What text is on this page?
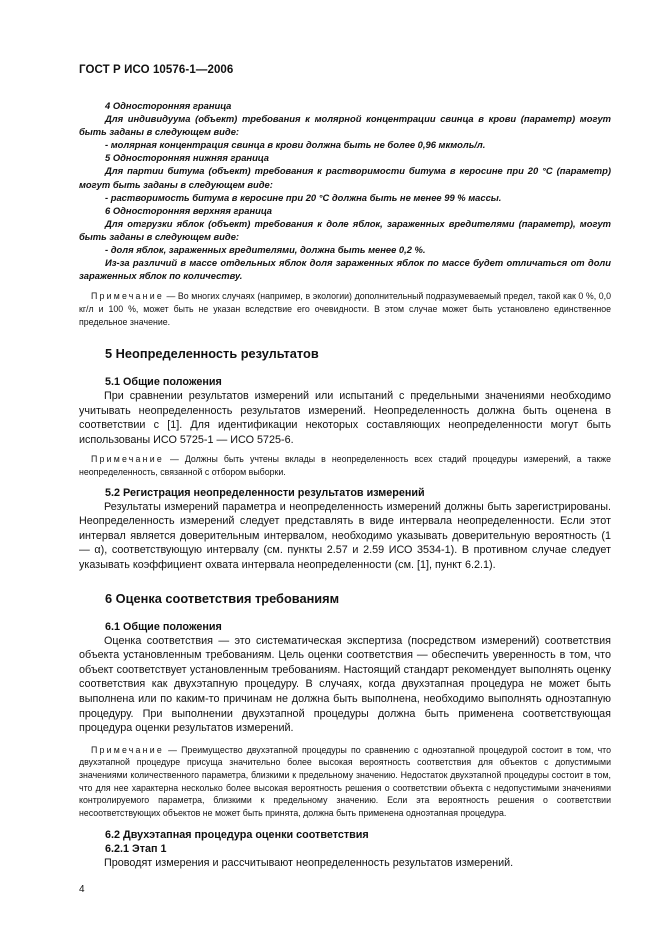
ГОСТ Р ИСО 10576-1—2006

4 Односторонняя граница

Для индивидуума (объект) требования к молярной концентрации свинца в крови (параметр) могут быть заданы в следующем виде:

- молярная концентрация свинца в крови должна быть не более 0,96 мкмоль/л.

5 Односторонняя нижняя граница

Для партии битума (объект) требования к растворимости битума в керосине при 20 °С (параметр) могут быть заданы в следующем виде:

- растворимость битума в керосине при 20 °С должна быть не менее 99 % массы.

6 Односторонняя верхняя граница

Для отгрузки яблок (объект) требования к доле яблок, зараженных вредителями (параметр), могут быть заданы в следующем виде:

- доля яблок, зараженных вредителями, должна быть менее 0,2 %.

Из-за различий в массе отдельных яблок доля зараженных яблок по массе будет отличаться от доли зараженных яблок по количеству.

Примечание — Во многих случаях (например, в экологии) дополнительный подразумеваемый предел, такой как 0 %, 0,0 кг/л и 100 %, может быть не указан вследствие его очевидности. В этом случае может быть установлено единственное предельное значение.

5 Неопределенность результатов

5.1 Общие положения

При сравнении результатов измерений или испытаний с предельными значениями необходимо учитывать неопределенность результатов измерений. Неопределенность должна быть оценена в соответствии с [1]. Для идентификации некоторых составляющих неопределенности могут быть использованы ИСО 5725-1 — ИСО 5725-6.

Примечание — Должны быть учтены вклады в неопределенность всех стадий процедуры измерений, а также неопределенность, связанной с отбором выборки.

5.2 Регистрация неопределенности результатов измерений

Результаты измерений параметра и неопределенность измерений должны быть зарегистрированы. Неопределенность измерений следует представлять в виде интервала неопределенности. Если этот интервал является доверительным интервалом, необходимо указывать доверительную вероятность (1 — α), соответствующую интервалу (см. пункты 2.57 и 2.59 ИСО 3534-1). В противном случае следует указывать коэффициент охвата интервала неопределенности (см. [1], пункт 6.2.1).

6 Оценка соответствия требованиям

6.1 Общие положения

Оценка соответствия — это систематическая экспертиза (посредством измерений) соответствия объекта установленным требованиям. Цель оценки соответствия — обеспечить уверенность в том, что объект соответствует установленным требованиям. Настоящий стандарт рекомендует выполнять оценку соответствия как двухэтапную процедуру. В случаях, когда двухэтапная процедура не может быть выполнена или по каким-то причинам не должна быть выполнена, необходимо выполнять одноэтапную процедуру. При выполнении двухэтапной процедуры должна быть применена соответствующая процедура оценки результатов измерений.

Примечание — Преимущество двухэтапной процедуры по сравнению с одноэтапной процедурой состоит в том, что двухэтапной процедуре присуща значительно более высокая вероятность соответствия для объектов с допустимыми значениями количественного параметра, близкими к предельному значению. Недостаток двухэтапной процедуры состоит в том, что для нее характерна несколько более высокая вероятность решения о соответствии объекта с недопустимыми значениями контролируемого параметра, близкими к предельному значению. Если эта вероятность решения о соответствии несоответствующих объектов не может быть принята, должна быть применена одноэтапная процедура.

6.2 Двухэтапная процедура оценки соответствия

6.2.1 Этап 1

Проводят измерения и рассчитывают неопределенность результатов измерений.

4
